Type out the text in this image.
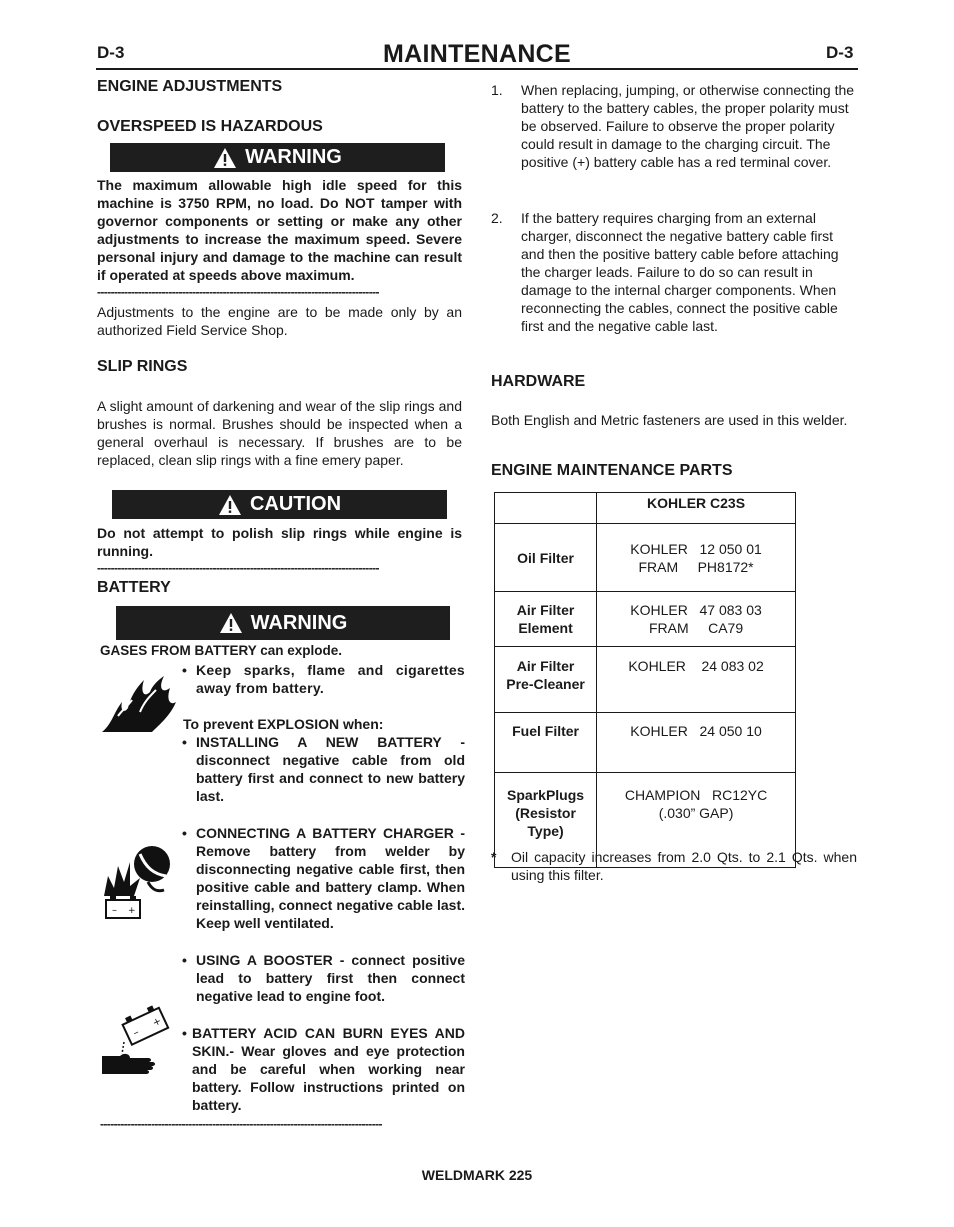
D-3	MAINTENANCE	D-3
ENGINE ADJUSTMENTS
OVERSPEED IS HAZARDOUS
WARNING
The maximum allowable high idle speed for this machine is 3750 RPM, no load. Do NOT tamper with governor components or setting or make any other adjustments to increase the maximum speed. Severe personal injury and damage to the machine can result if operated at speeds above maximum.
-----------------------------------------------------------------------------------
Adjustments to the engine are to be made only by an authorized Field Service Shop.
SLIP RINGS
A slight amount of darkening and wear of the slip rings and brushes is normal. Brushes should be inspected when a general overhaul is necessary. If brushes are to be replaced, clean slip rings with a fine emery paper.
CAUTION
Do not attempt to polish slip rings while engine is running.
-----------------------------------------------------------------------------------
BATTERY
WARNING
GASES FROM BATTERY can explode.
• Keep sparks, flame and cigarettes away from battery.
To prevent EXPLOSION when:
• INSTALLING A NEW BATTERY - disconnect negative cable from old battery first and connect to new battery last.
– +
• CONNECTING A BATTERY CHARGER - Remove battery from welder by disconnecting negative cable first, then positive cable and battery clamp. When reinstalling, connect negative cable last. Keep well ventilated.
• USING A BOOSTER - connect positive lead to battery first then connect negative lead to engine foot.
–
+
• BATTERY ACID CAN BURN EYES AND SKIN.- Wear gloves and eye protection and be careful when working near battery. Follow instructions printed on battery.
-----------------------------------------------------------------------------------
1. When replacing, jumping, or otherwise connecting the battery to the battery cables, the proper polarity must be observed. Failure to observe the proper polarity could result in damage to the charging circuit. The positive (+) battery cable has a red terminal cover.
2. If the battery requires charging from an external charger, disconnect the negative battery cable first and then the positive battery cable before attaching the charger leads. Failure to do so can result in damage to the internal charger components. When reconnecting the cables, connect the positive cable first and the negative cable last.
HARDWARE
Both English and Metric fasteners are used in this welder.
ENGINE MAINTENANCE PARTS
	KOHLER C23S
Oil Filter	KOHLER   12 050 01
FRAM     PH8172*
Air Filter
Element	KOHLER   47 083 03
FRAM     CA79
Air Filter
Pre-Cleaner	KOHLER    24 083 02
Fuel Filter	KOHLER   24 050 10
SparkPlugs
(Resistor
Type)	CHAMPION   RC12YC
(.030” GAP)
* Oil capacity increases from 2.0 Qts. to 2.1 Qts. when using this filter.
WELDMARK 225
